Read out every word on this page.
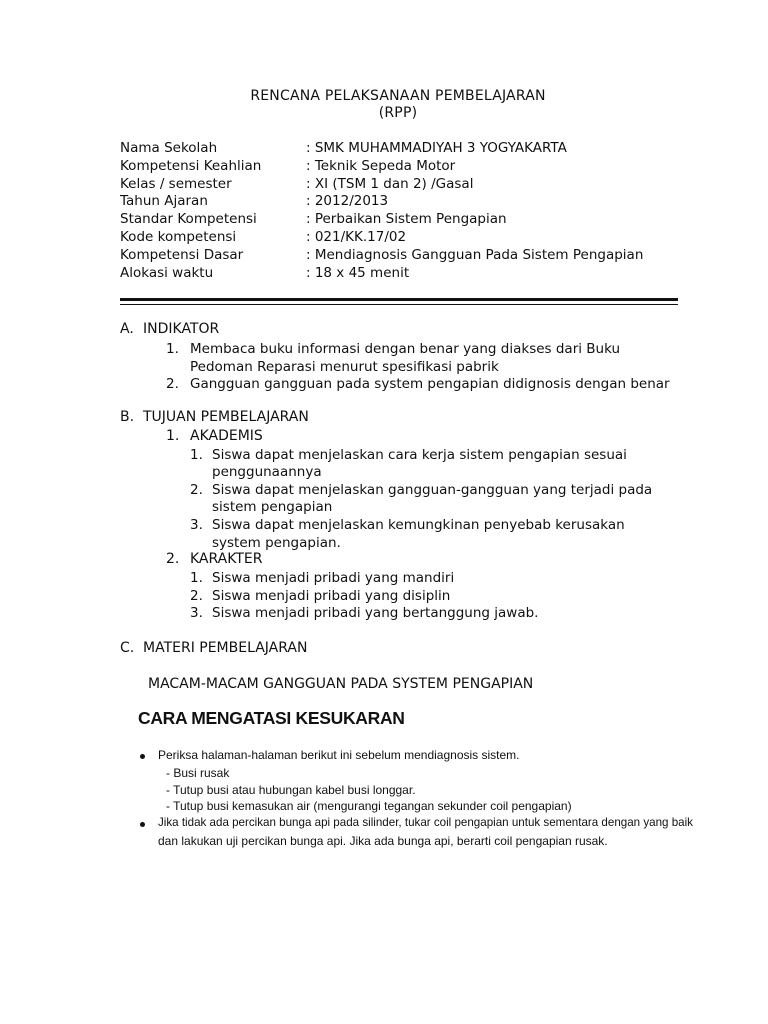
RENCANA PELAKSANAAN PEMBELAJARAN
(RPP)
Nama Sekolah	: SMK MUHAMMADIYAH 3 YOGYAKARTA
Kompetensi Keahlian	: Teknik Sepeda Motor
Kelas / semester	: XI (TSM 1 dan 2) /Gasal
Tahun Ajaran	: 2012/2013
Standar Kompetensi	: Perbaikan Sistem Pengapian
Kode kompetensi	: 021/KK.17/02
Kompetensi Dasar	: Mendiagnosis Gangguan Pada Sistem Pengapian
Alokasi waktu	: 18 x 45 menit
A. INDIKATOR
1. Membaca buku informasi dengan benar yang diakses dari Buku
Pedoman Reparasi menurut spesifikasi pabrik
2. Gangguan gangguan pada system pengapian didignosis dengan benar
B. TUJUAN PEMBELAJARAN
1. AKADEMIS
1. Siswa dapat menjelaskan cara kerja sistem pengapian sesuai
penggunaannya
2. Siswa dapat menjelaskan gangguan-gangguan yang terjadi pada
sistem pengapian
3. Siswa dapat menjelaskan kemungkinan penyebab kerusakan
system pengapian.
2. KARAKTER
1. Siswa menjadi pribadi yang mandiri
2. Siswa menjadi pribadi yang disiplin
3. Siswa menjadi pribadi yang bertanggung jawab.
C. MATERI PEMBELAJARAN
MACAM-MACAM GANGGUAN PADA SYSTEM PENGAPIAN
CARA MENGATASI KESUKARAN
Periksa halaman-halaman berikut ini sebelum mendiagnosis sistem.
- Busi rusak
- Tutup busi atau hubungan kabel busi longgar.
- Tutup busi kemasukan air (mengurangi tegangan sekunder coil pengapian)
Jika tidak ada percikan bunga api pada silinder, tukar coil pengapian untuk sementara dengan yang baik
dan lakukan uji percikan bunga api. Jika ada bunga api, berarti coil pengapian rusak.
